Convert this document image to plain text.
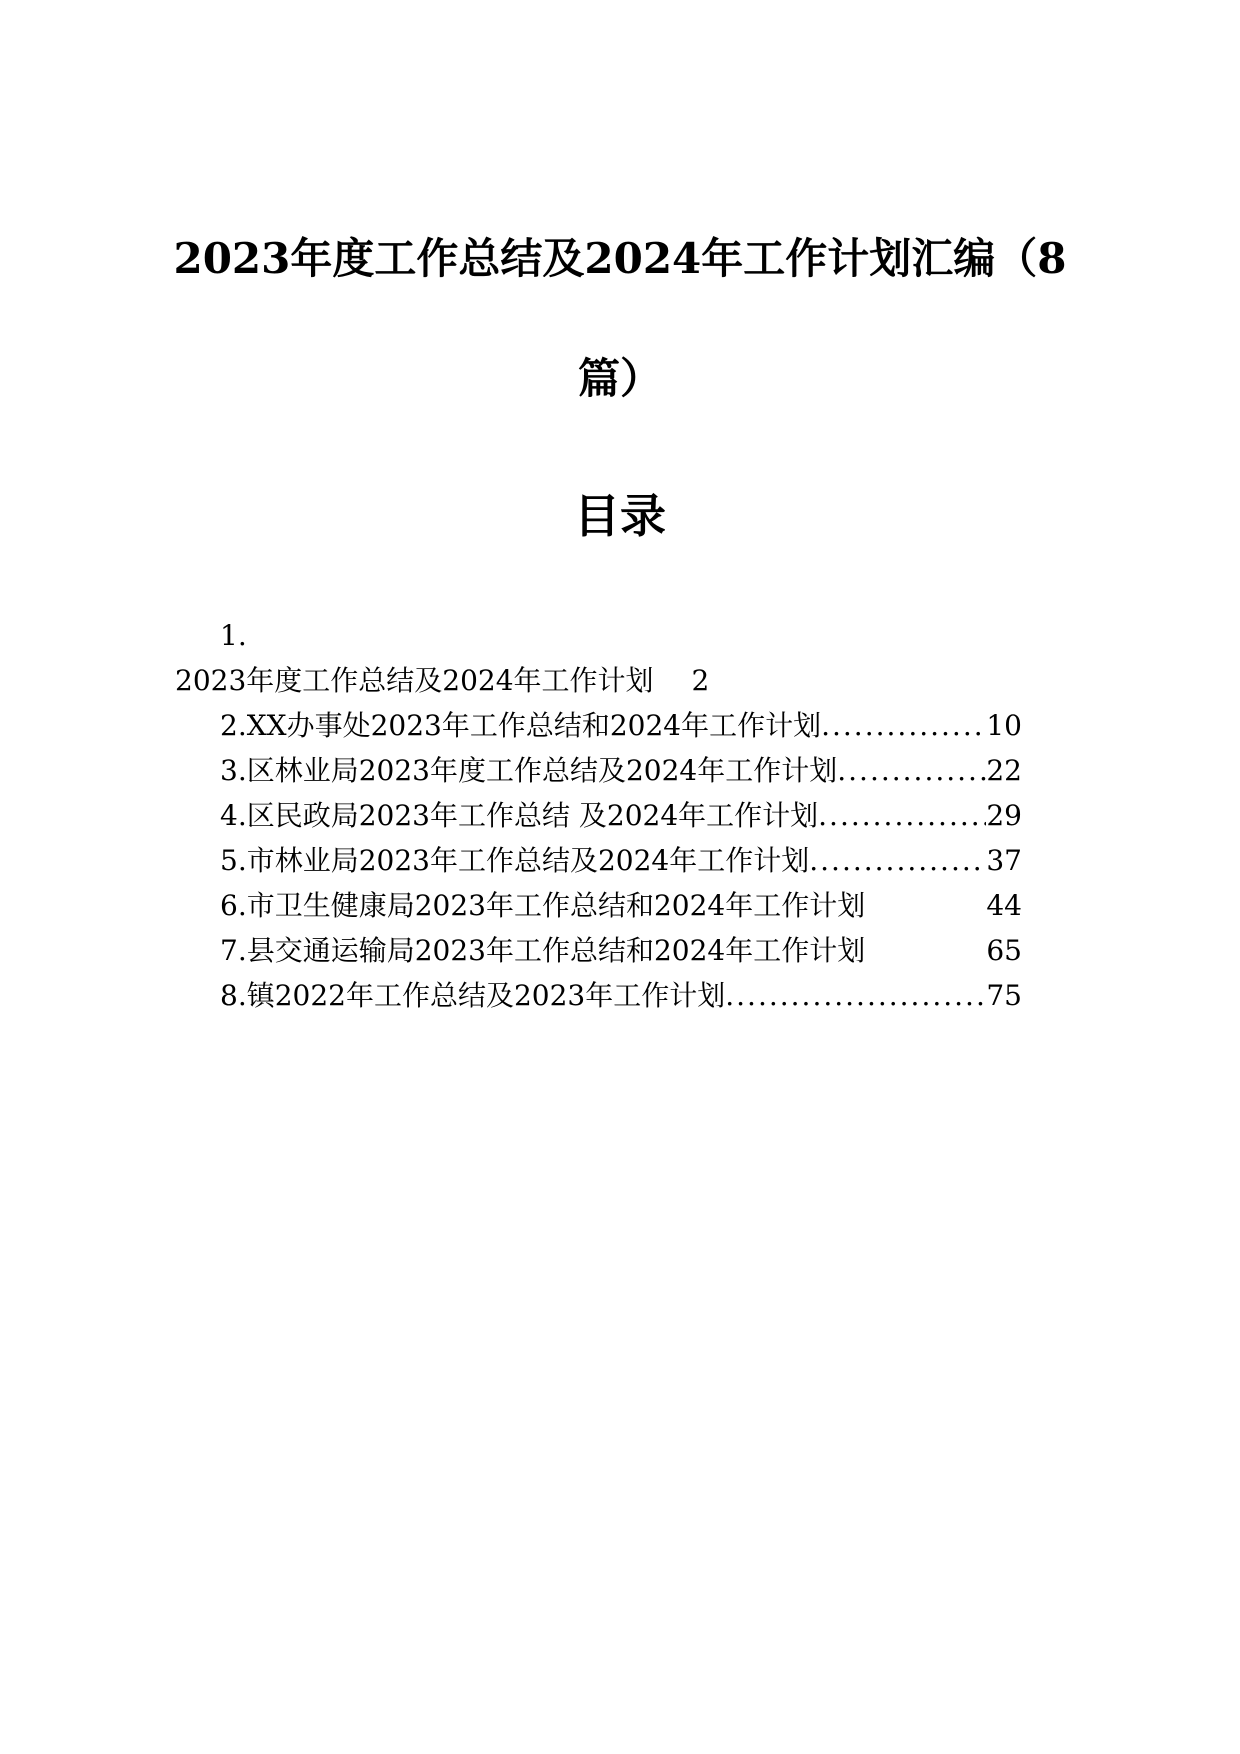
2023年度工作总结及2024年工作计划汇编（8
篇）
目录
1.
2023年度工作总结及2024年工作计划 2
2. XX办事处2023年工作总结和2024年工作计划 .....	10
3. 区林业局2023年度工作总结及2024年工作计划 .....	22
4. 区民政局2023年工作总结 及2024年工作计划 .....	29
5. 市林业局2023年工作总结及2024年工作计划 .....	37
6. 市卫生健康局2023年工作总结和2024年工作计划	44
7. 县交通运输局2023年工作总结和2024年工作计划	65
8. 镇2022年工作总结及2023年工作计划 .....	75
